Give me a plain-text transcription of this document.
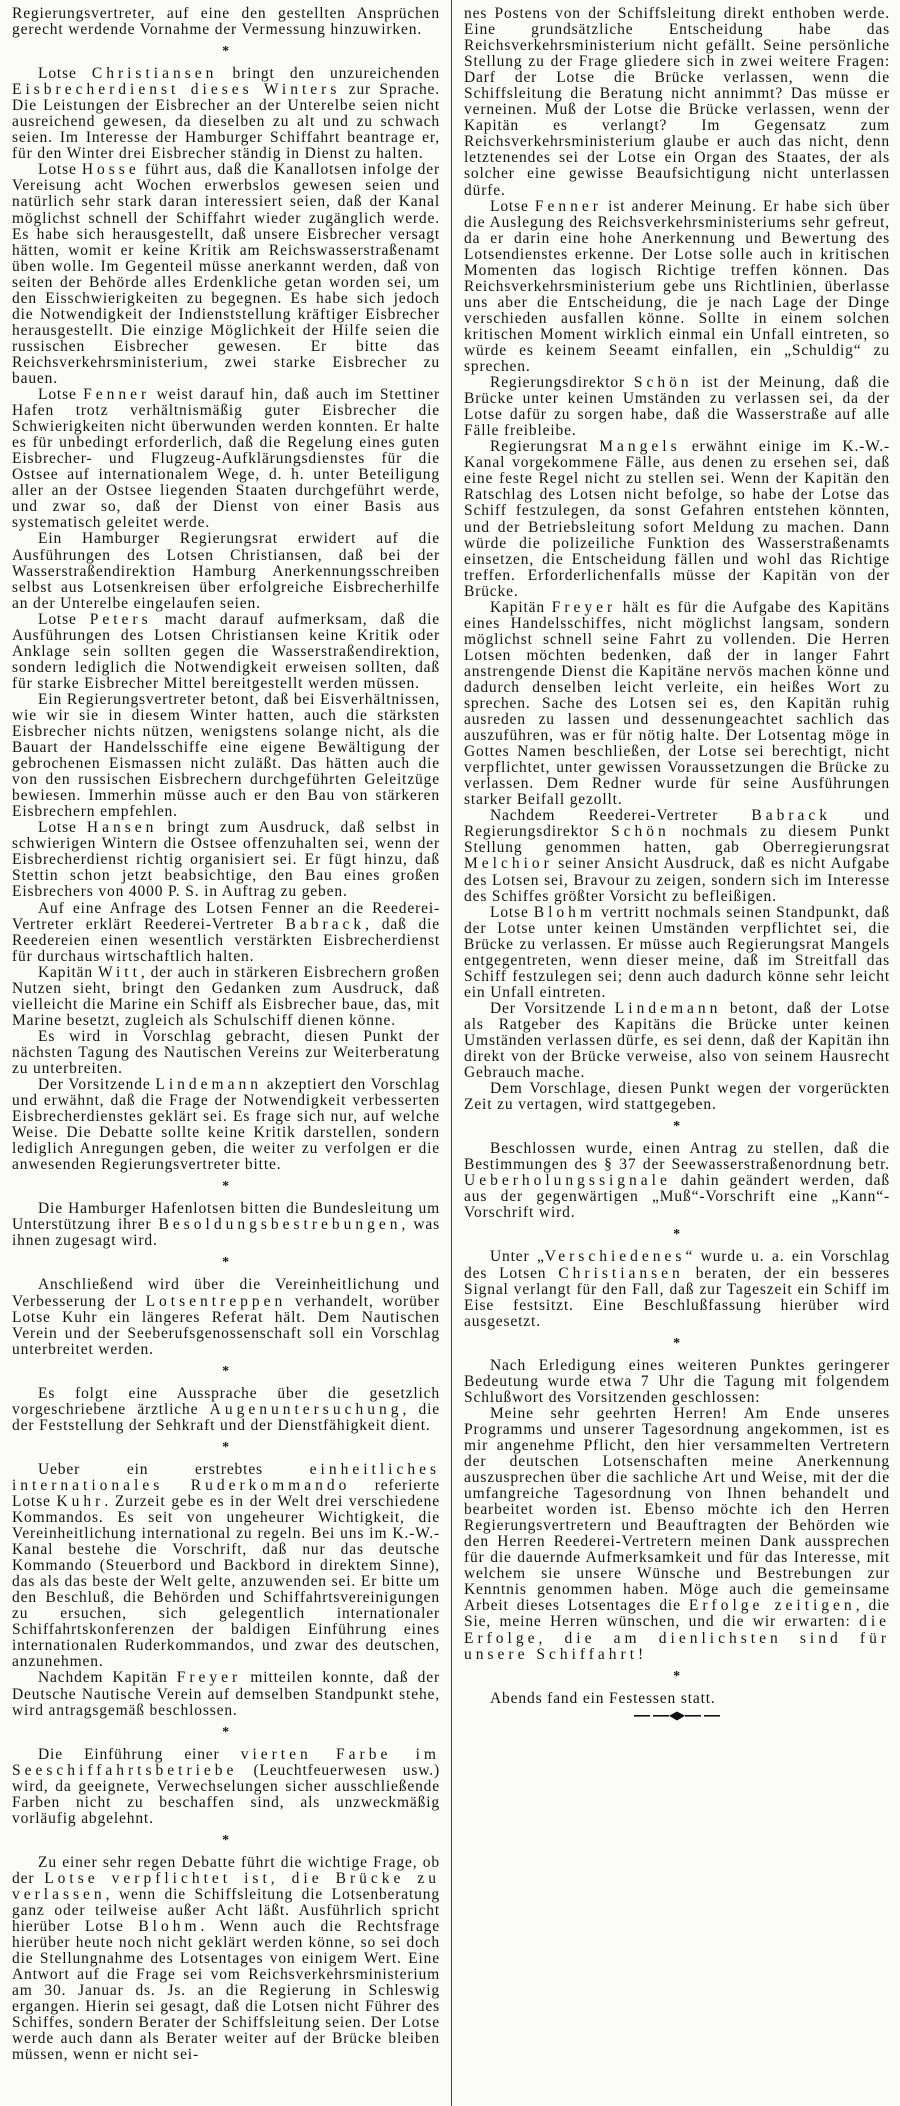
Regierungsvertreter, auf eine den gestellten Ansprüchen gerecht werdende Vornahme der Vermessung hinzuwirken.

*

Lotse Christiansen bringt den unzureichenden Eisbrecherdienst dieses Winters zur Sprache. Die Leistungen der Eisbrecher an der Unterelbe seien nicht ausreichend gewesen, da dieselben zu alt und zu schwach seien. Im Interesse der Hamburger Schiffahrt beantrage er, für den Winter drei Eisbrecher ständig in Dienst zu halten.

Lotse Hosse führt aus, daß die Kanallotsen infolge der Vereisung acht Wochen erwerbslos gewesen seien und natürlich sehr stark daran interessiert seien, daß der Kanal möglichst schnell der Schiffahrt wieder zugänglich werde. Es habe sich herausgestellt, daß unsere Eisbrecher versagt hätten, womit er keine Kritik am Reichswasserstraßenamt üben wolle. Im Gegenteil müsse anerkannt werden, daß von seiten der Behörde alles Erdenkliche getan worden sei, um den Eisschwierigkeiten zu begegnen. Es habe sich jedoch die Notwendigkeit der Indienststellung kräftiger Eisbrecher herausgestellt. Die einzige Möglichkeit der Hilfe seien die russischen Eisbrecher gewesen. Er bitte das Reichsverkehrsministerium, zwei starke Eisbrecher zu bauen.

Lotse Fenner weist darauf hin, daß auch im Stettiner Hafen trotz verhältnismäßig guter Eisbrecher die Schwierigkeiten nicht überwunden werden konnten. Er halte es für unbedingt erforderlich, daß die Regelung eines guten Eisbrecher- und Flugzeug-Aufklärungsdienstes für die Ostsee auf internationalem Wege, d. h. unter Beteiligung aller an der Ostsee liegenden Staaten durchgeführt werde, und zwar so, daß der Dienst von einer Basis aus systematisch geleitet werde.

Ein Hamburger Regierungsrat erwidert auf die Ausführungen des Lotsen Christiansen, daß bei der Wasserstraßendirektion Hamburg Anerkennungsschreiben selbst aus Lotsenkreisen über erfolgreiche Eisbrecherhilfe an der Unterelbe eingelaufen seien.

Lotse Peters macht darauf aufmerksam, daß die Ausführungen des Lotsen Christiansen keine Kritik oder Anklage sein sollten gegen die Wasserstraßendirektion, sondern lediglich die Notwendigkeit erweisen sollten, daß für starke Eisbrecher Mittel bereitgestellt werden müssen.

Ein Regierungsvertreter betont, daß bei Eisverhältnissen, wie wir sie in diesem Winter hatten, auch die stärksten Eisbrecher nichts nützen, wenigstens solange nicht, als die Bauart der Handelsschiffe eine eigene Bewältigung der gebrochenen Eismassen nicht zuläßt. Das hätten auch die von den russischen Eisbrechern durchgeführten Geleitzüge bewiesen. Immerhin müsse auch er den Bau von stärkeren Eisbrechern empfehlen.

Lotse Hansen bringt zum Ausdruck, daß selbst in schwierigen Wintern die Ostsee offenzuhalten sei, wenn der Eisbrecherdienst richtig organisiert sei. Er fügt hinzu, daß Stettin schon jetzt beabsichtige, den Bau eines großen Eisbrechers von 4000 P. S. in Auftrag zu geben.

Auf eine Anfrage des Lotsen Fenner an die Reederei-Vertreter erklärt Reederei-Vertreter Babrack, daß die Reedereien einen wesentlich verstärkten Eisbrecherdienst für durchaus wirtschaftlich halten.

Kapitän Witt, der auch in stärkeren Eisbrechern großen Nutzen sieht, bringt den Gedanken zum Ausdruck, daß vielleicht die Marine ein Schiff als Eisbrecher baue, das, mit Marine besetzt, zugleich als Schulschiff dienen könne.

Es wird in Vorschlag gebracht, diesen Punkt der nächsten Tagung des Nautischen Vereins zur Weiterberatung zu unterbreiten.

Der Vorsitzende Lindemann akzeptiert den Vorschlag und erwähnt, daß die Frage der Notwendigkeit verbesserten Eisbrecherdienstes geklärt sei. Es frage sich nur, auf welche Weise. Die Debatte sollte keine Kritik darstellen, sondern lediglich Anregungen geben, die weiter zu verfolgen er die anwesenden Regierungsvertreter bitte.

*

Die Hamburger Hafenlotsen bitten die Bundesleitung um Unterstützung ihrer Besoldungsbestrebungen, was ihnen zugesagt wird.

*

Anschließend wird über die Vereinheitlichung und Verbesserung der Lotsentreppen verhandelt, worüber Lotse Kuhr ein längeres Referat hält. Dem Nautischen Verein und der Seeberufsgenossenschaft soll ein Vorschlag unterbreitet werden.

*

Es folgt eine Aussprache über die gesetzlich vorgeschriebene ärztliche Augenuntersuchung, die der Feststellung der Sehkraft und der Dienstfähigkeit dient.

*

Ueber ein erstrebtes einheitliches internationales Ruderkommando referierte Lotse Kuhr. Zurzeit gebe es in der Welt drei verschiedene Kommandos. Es seit von ungeheurer Wichtigkeit, die Vereinheitlichung international zu regeln. Bei uns im K.-W.-Kanal bestehe die Vorschrift, daß nur das deutsche Kommando (Steuerbord und Backbord in direktem Sinne), das als das beste der Welt gelte, anzuwenden sei. Er bitte um den Beschluß, die Behörden und Schiffahrtsvereinigungen zu ersuchen, sich gelegentlich internationaler Schiffahrtskonferenzen der baldigen Einführung eines internationalen Ruderkommandos, und zwar des deutschen, anzunehmen.

Nachdem Kapitän Freyer mitteilen konnte, daß der Deutsche Nautische Verein auf demselben Standpunkt stehe, wird antragsgemäß beschlossen.

*

Die Einführung einer vierten Farbe im Seeschiffahrtsbetriebe (Leuchtfeuerwesen usw.) wird, da geeignete, Verwechselungen sicher ausschließende Farben nicht zu beschaffen sind, als unzweckmäßig vorläufig abgelehnt.

*

Zu einer sehr regen Debatte führt die wichtige Frage, ob der Lotse verpflichtet ist, die Brücke zu verlassen, wenn die Schiffsleitung die Lotsenberatung ganz oder teilweise außer Acht läßt. Ausführlich spricht hierüber Lotse Blohm. Wenn auch die Rechtsfrage hierüber heute noch nicht geklärt werden könne, so sei doch die Stellungnahme des Lotsentages von einigem Wert. Eine Antwort auf die Frage sei vom Reichsverkehrsministerium am 30. Januar ds. Js. an die Regierung in Schleswig ergangen. Hierin sei gesagt, daß die Lotsen nicht Führer des Schiffes, sondern Berater der Schiffsleitung seien. Der Lotse werde auch dann als Berater weiter auf der Brücke bleiben müssen, wenn er nicht sei-

nes Postens von der Schiffsleitung direkt enthoben werde. Eine grundsätzliche Entscheidung habe das Reichsverkehrsministerium nicht gefällt. Seine persönliche Stellung zu der Frage gliedere sich in zwei weitere Fragen: Darf der Lotse die Brücke verlassen, wenn die Schiffsleitung die Beratung nicht annimmt? Das müsse er verneinen. Muß der Lotse die Brücke verlassen, wenn der Kapitän es verlangt? Im Gegensatz zum Reichsverkehrsministerium glaube er auch das nicht, denn letztenendes sei der Lotse ein Organ des Staates, der als solcher eine gewisse Beaufsichtigung nicht unterlassen dürfe.

Lotse Fenner ist anderer Meinung. Er habe sich über die Auslegung des Reichsverkehrsministeriums sehr gefreut, da er darin eine hohe Anerkennung und Bewertung des Lotsendienstes erkenne. Der Lotse solle auch in kritischen Momenten das logisch Richtige treffen können. Das Reichsverkehrsministerium gebe uns Richtlinien, überlasse uns aber die Entscheidung, die je nach Lage der Dinge verschieden ausfallen könne. Sollte in einem solchen kritischen Moment wirklich einmal ein Unfall eintreten, so würde es keinem Seeamt einfallen, ein „Schuldig“ zu sprechen.

Regierungsdirektor Schön ist der Meinung, daß die Brücke unter keinen Umständen zu verlassen sei, da der Lotse dafür zu sorgen habe, daß die Wasserstraße auf alle Fälle freibleibe.

Regierungsrat Mangels erwähnt einige im K.-W.-Kanal vorgekommene Fälle, aus denen zu ersehen sei, daß eine feste Regel nicht zu stellen sei. Wenn der Kapitän den Ratschlag des Lotsen nicht befolge, so habe der Lotse das Schiff festzulegen, da sonst Gefahren entstehen könnten, und der Betriebsleitung sofort Meldung zu machen. Dann würde die polizeiliche Funktion des Wasserstraßenamts einsetzen, die Entscheidung fällen und wohl das Richtige treffen. Erforderlichenfalls müsse der Kapitän von der Brücke.

Kapitän Freyer hält es für die Aufgabe des Kapitäns eines Handelsschiffes, nicht möglichst langsam, sondern möglichst schnell seine Fahrt zu vollenden. Die Herren Lotsen möchten bedenken, daß der in langer Fahrt anstrengende Dienst die Kapitäne nervös machen könne und dadurch denselben leicht verleite, ein heißes Wort zu sprechen. Sache des Lotsen sei es, den Kapitän ruhig ausreden zu lassen und dessenungeachtet sachlich das auszuführen, was er für nötig halte. Der Lotsentag möge in Gottes Namen beschließen, der Lotse sei berechtigt, nicht verpflichtet, unter gewissen Voraussetzungen die Brücke zu verlassen. Dem Redner wurde für seine Ausführungen starker Beifall gezollt.

Nachdem Reederei-Vertreter Babrack und Regierungsdirektor Schön nochmals zu diesem Punkt Stellung genommen hatten, gab Oberregierungsrat Melchior seiner Ansicht Ausdruck, daß es nicht Aufgabe des Lotsen sei, Bravour zu zeigen, sondern sich im Interesse des Schiffes größter Vorsicht zu befleißigen.

Lotse Blohm vertritt nochmals seinen Standpunkt, daß der Lotse unter keinen Umständen verpflichtet sei, die Brücke zu verlassen. Er müsse auch Regierungsrat Mangels entgegentreten, wenn dieser meine, daß im Streitfall das Schiff festzulegen sei; denn auch dadurch könne sehr leicht ein Unfall eintreten.

Der Vorsitzende Lindemann betont, daß der Lotse als Ratgeber des Kapitäns die Brücke unter keinen Umständen verlassen dürfe, es sei denn, daß der Kapitän ihn direkt von der Brücke verweise, also von seinem Hausrecht Gebrauch mache.

Dem Vorschlage, diesen Punkt wegen der vorgerückten Zeit zu vertagen, wird stattgegeben.

*

Beschlossen wurde, einen Antrag zu stellen, daß die Bestimmungen des § 37 der Seewasserstraßenordnung betr. Ueberholungssignale dahin geändert werden, daß aus der gegenwärtigen „Muß“-Vorschrift eine „Kann“-Vorschrift wird.

*

Unter „Verschiedenes“ wurde u. a. ein Vorschlag des Lotsen Christiansen beraten, der ein besseres Signal verlangt für den Fall, daß zur Tageszeit ein Schiff im Eise festsitzt. Eine Beschlußfassung hierüber wird ausgesetzt.

*

Nach Erledigung eines weiteren Punktes geringerer Bedeutung wurde etwa 7 Uhr die Tagung mit folgendem Schlußwort des Vorsitzenden geschlossen:

Meine sehr geehrten Herren! Am Ende unseres Programms und unserer Tagesordnung angekommen, ist es mir angenehme Pflicht, den hier versammelten Vertretern der deutschen Lotsenschaften meine Anerkennung auszusprechen über die sachliche Art und Weise, mit der die umfangreiche Tagesordnung von Ihnen behandelt und bearbeitet worden ist. Ebenso möchte ich den Herren Regierungsvertretern und Beauftragten der Behörden wie den Herren Reederei-Vertretern meinen Dank aussprechen für die dauernde Aufmerksamkeit und für das Interesse, mit welchem sie unsere Wünsche und Bestrebungen zur Kenntnis genommen haben. Möge auch die gemeinsame Arbeit dieses Lotsentages die Erfolge zeitigen, die Sie, meine Herren wünschen, und die wir erwarten: die Erfolge, die am dienlichsten sind für unsere Schiffahrt!

*

Abends fand ein Festessen statt.
